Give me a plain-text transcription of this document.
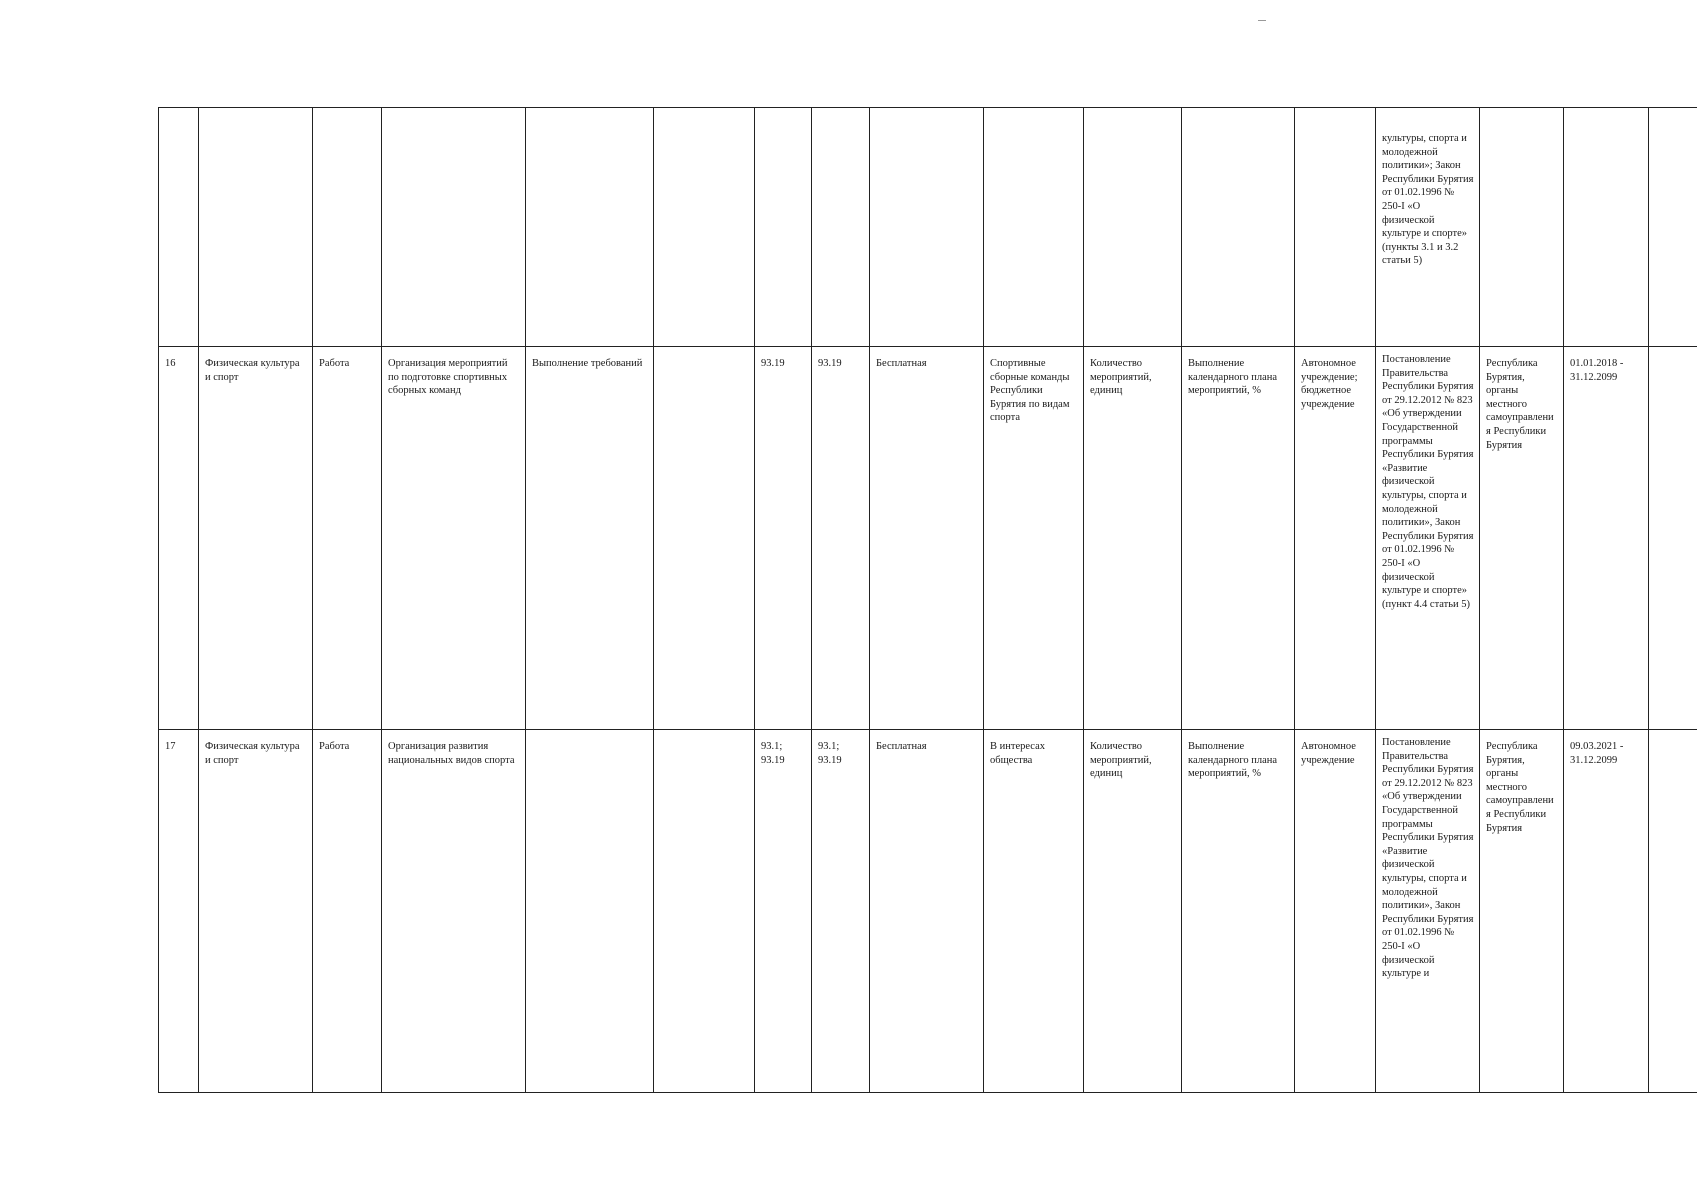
													культуры, спорта и молодежной политики»; Закон Республики Бурятия от 01.02.1996 № 250-I «О физической культуре и спорте» (пункты 3.1 и 3.2 статьи 5)			

16	Физическая культура и спорт	Работа	Организация мероприятий по подготовке спортивных сборных команд	Выполнение требований		93.19	93.19	Бесплатная	Спортивные сборные команды Республики Бурятия по видам спорта	Количество мероприятий, единиц	Выполнение календарного плана мероприятий, %	Автономное учреждение; бюджетное учреждение	Постановление Правительства Республики Бурятия от 29.12.2012 № 823 «Об утверждении Государственной программы Республики Бурятия «Развитие физической культуры, спорта и молодежной политики», Закон Республики Бурятия от 01.02.1996 № 250-I «О физической культуре и спорте» (пункт 4.4 статьи 5)	Республика Бурятия, органы местного самоуправления Республики Бурятия	01.01.2018 - 31.12.2099	
17	Физическая культура и спорт	Работа	Организация развития национальных видов спорта			93.1; 93.19	93.1; 93.19	Бесплатная	В интересах общества	Количество мероприятий, единиц	Выполнение календарного плана мероприятий, %	Автономное учреждение	Постановление Правительства Республики Бурятия от 29.12.2012 № 823 «Об утверждении Государственной программы Республики Бурятия «Развитие физической культуры, спорта и молодежной политики», Закон Республики Бурятия от 01.02.1996 № 250-I «О физической культуре и	Республика Бурятия, органы местного самоуправления Республики Бурятия	09.03.2021 - 31.12.2099	
